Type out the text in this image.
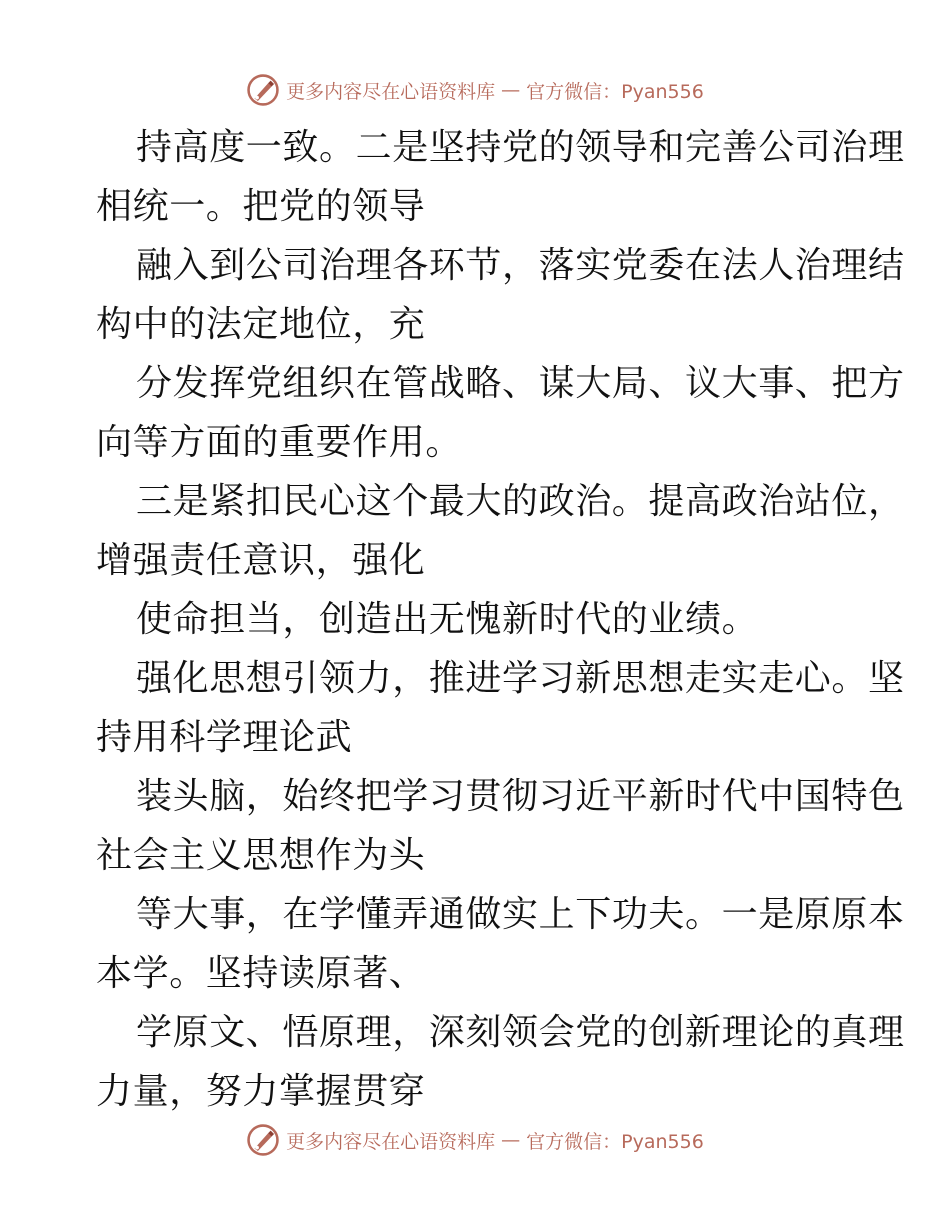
更多内容尽在心语资料库 — 官方微信：Pyan556

持高度一致。二是坚持党的领导和完善公司治理
相统一。把党的领导

融入到公司治理各环节，落实党委在法人治理结
构中的法定地位，充

分发挥党组织在管战略、谋大局、议大事、把方
向等方面的重要作用。

三是紧扣民心这个最大的政治。提高政治站位，
增强责任意识，强化

使命担当，创造出无愧新时代的业绩。

强化思想引领力，推进学习新思想走实走心。坚
持用科学理论武

装头脑，始终把学习贯彻习近平新时代中国特色
社会主义思想作为头

等大事，在学懂弄通做实上下功夫。一是原原本
本学。坚持读原著、

学原文、悟原理，深刻领会党的创新理论的真理
力量，努力掌握贯穿

更多内容尽在心语资料库 — 官方微信：Pyan556
